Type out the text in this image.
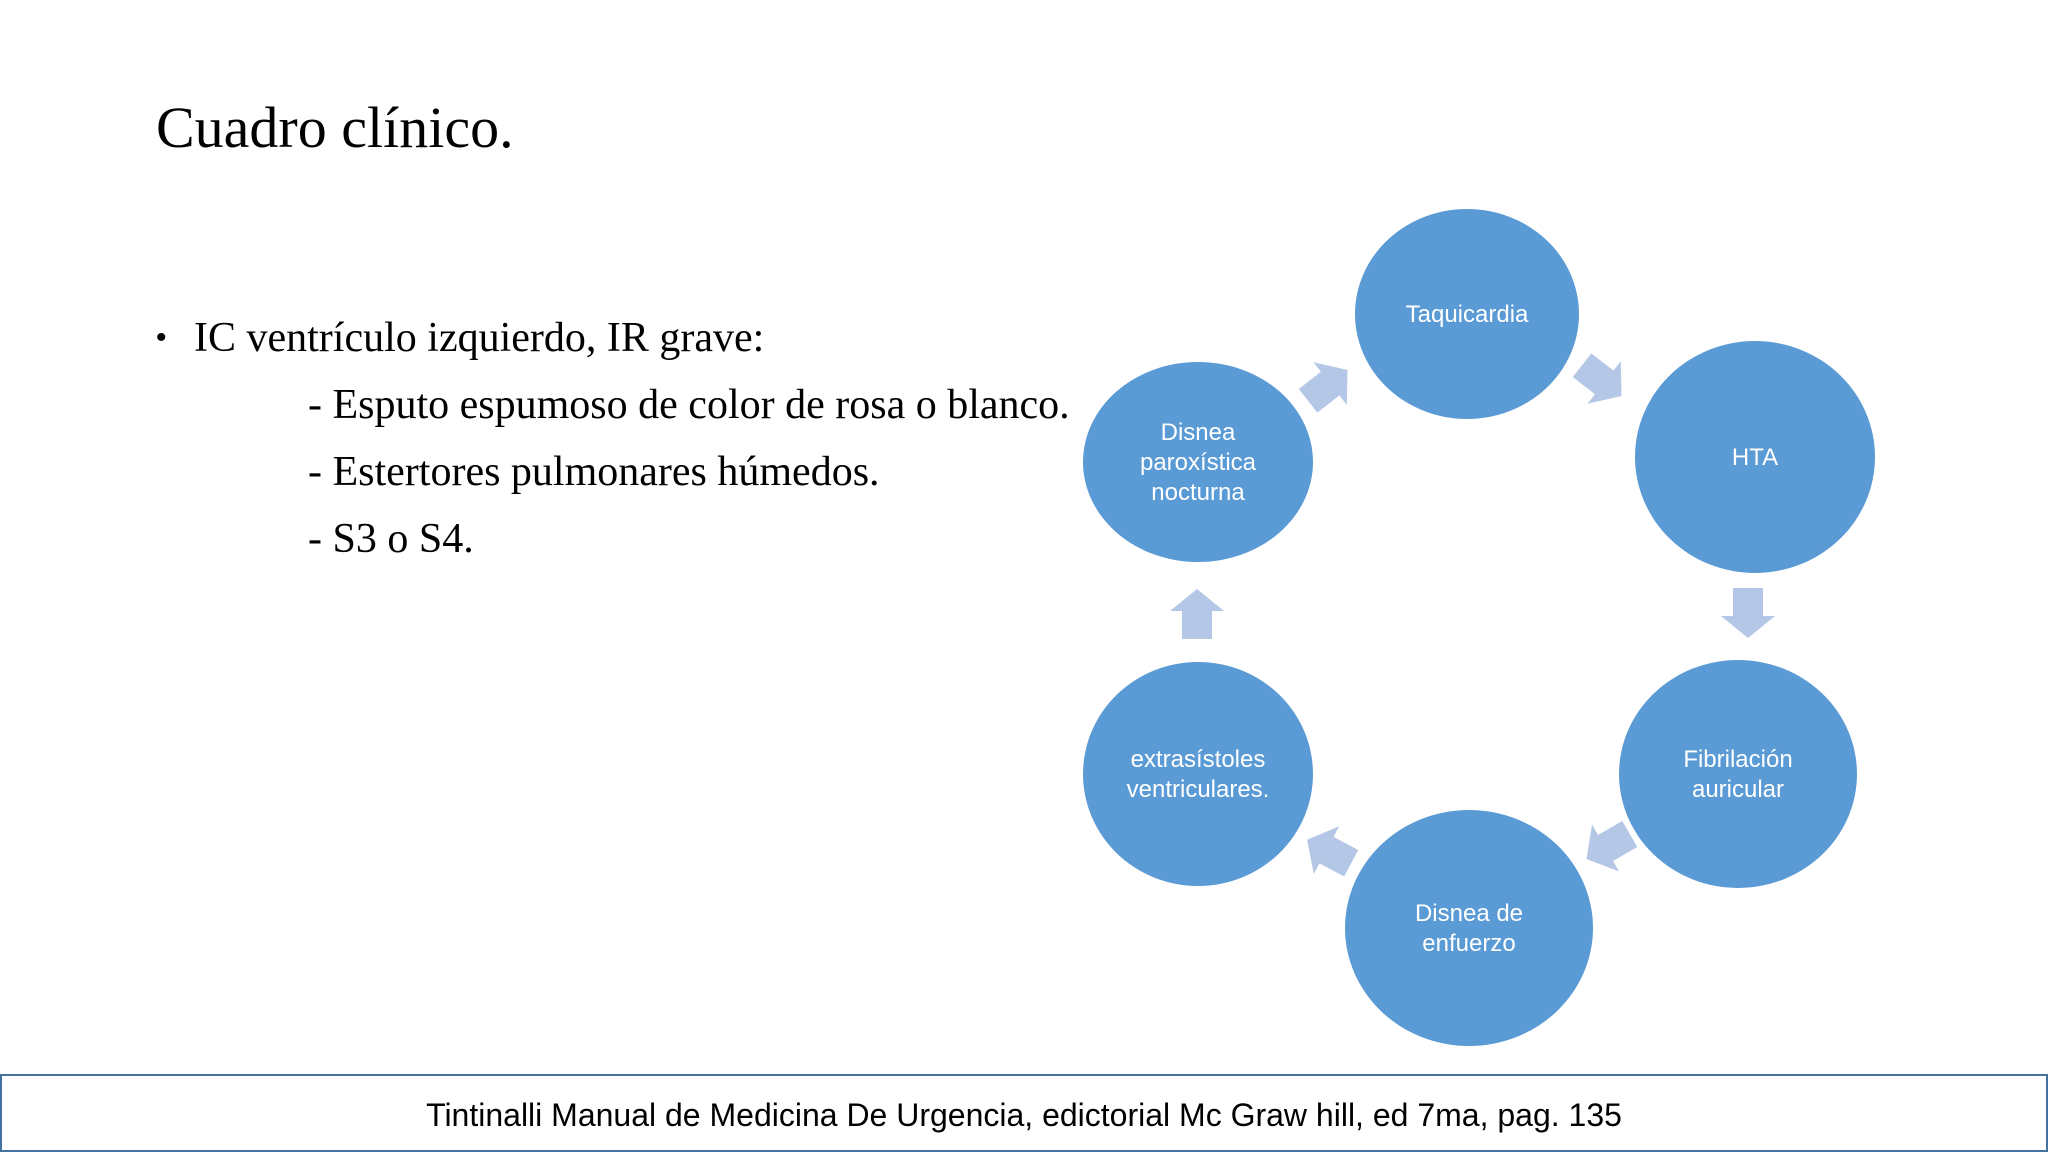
Cuadro clínico.
• IC ventrículo izquierdo, IR grave:
- Esputo espumoso de color de rosa o blanco.
- Estertores pulmonares húmedos.
- S3 o S4.
Taquicardia
HTA
Fibrilación auricular
Disnea de enfuerzo
extrasístoles ventriculares.
Disnea paroxística nocturna
Tintinalli Manual de Medicina De Urgencia, edictorial Mc Graw hill, ed 7ma, pag. 135
